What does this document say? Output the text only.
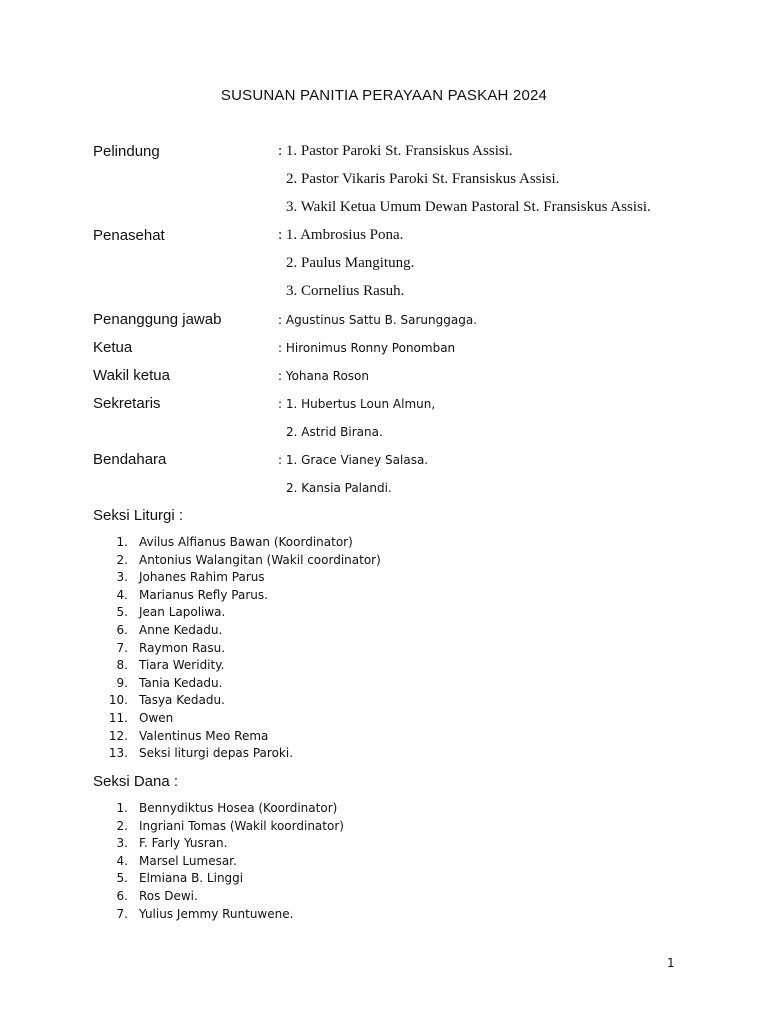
SUSUNAN PANITIA PERAYAAN PASKAH 2024
Pelindung	: 1. Pastor Paroki St. Fransiskus Assisi.
2. Pastor Vikaris Paroki St. Fransiskus Assisi.
3. Wakil Ketua Umum Dewan Pastoral St. Fransiskus Assisi.
Penasehat	: 1. Ambrosius Pona.
2. Paulus Mangitung.
3. Cornelius Rasuh.
Penanggung jawab	: Agustinus Sattu B. Sarunggaga.
Ketua	: Hironimus Ronny Ponomban
Wakil ketua	: Yohana Roson
Sekretaris	: 1. Hubertus Loun Almun,
2. Astrid Birana.
Bendahara	: 1. Grace Vianey Salasa.
2. Kansia Palandi.
Seksi Liturgi :
1. Avilus Alfianus Bawan (Koordinator)
2. Antonius Walangitan (Wakil coordinator)
3. Johanes Rahim Parus
4. Marianus Refly Parus.
5. Jean Lapoliwa.
6. Anne Kedadu.
7. Raymon Rasu.
8. Tiara Weridity.
9. Tania Kedadu.
10. Tasya Kedadu.
11. Owen
12. Valentinus Meo Rema
13. Seksi liturgi depas Paroki.
Seksi Dana :
1. Bennydiktus Hosea (Koordinator)
2. Ingriani Tomas (Wakil koordinator)
3. F. Farly Yusran.
4. Marsel Lumesar.
5. Elmiana B. Linggi
6. Ros Dewi.
7. Yulius Jemmy Runtuwene.
1
